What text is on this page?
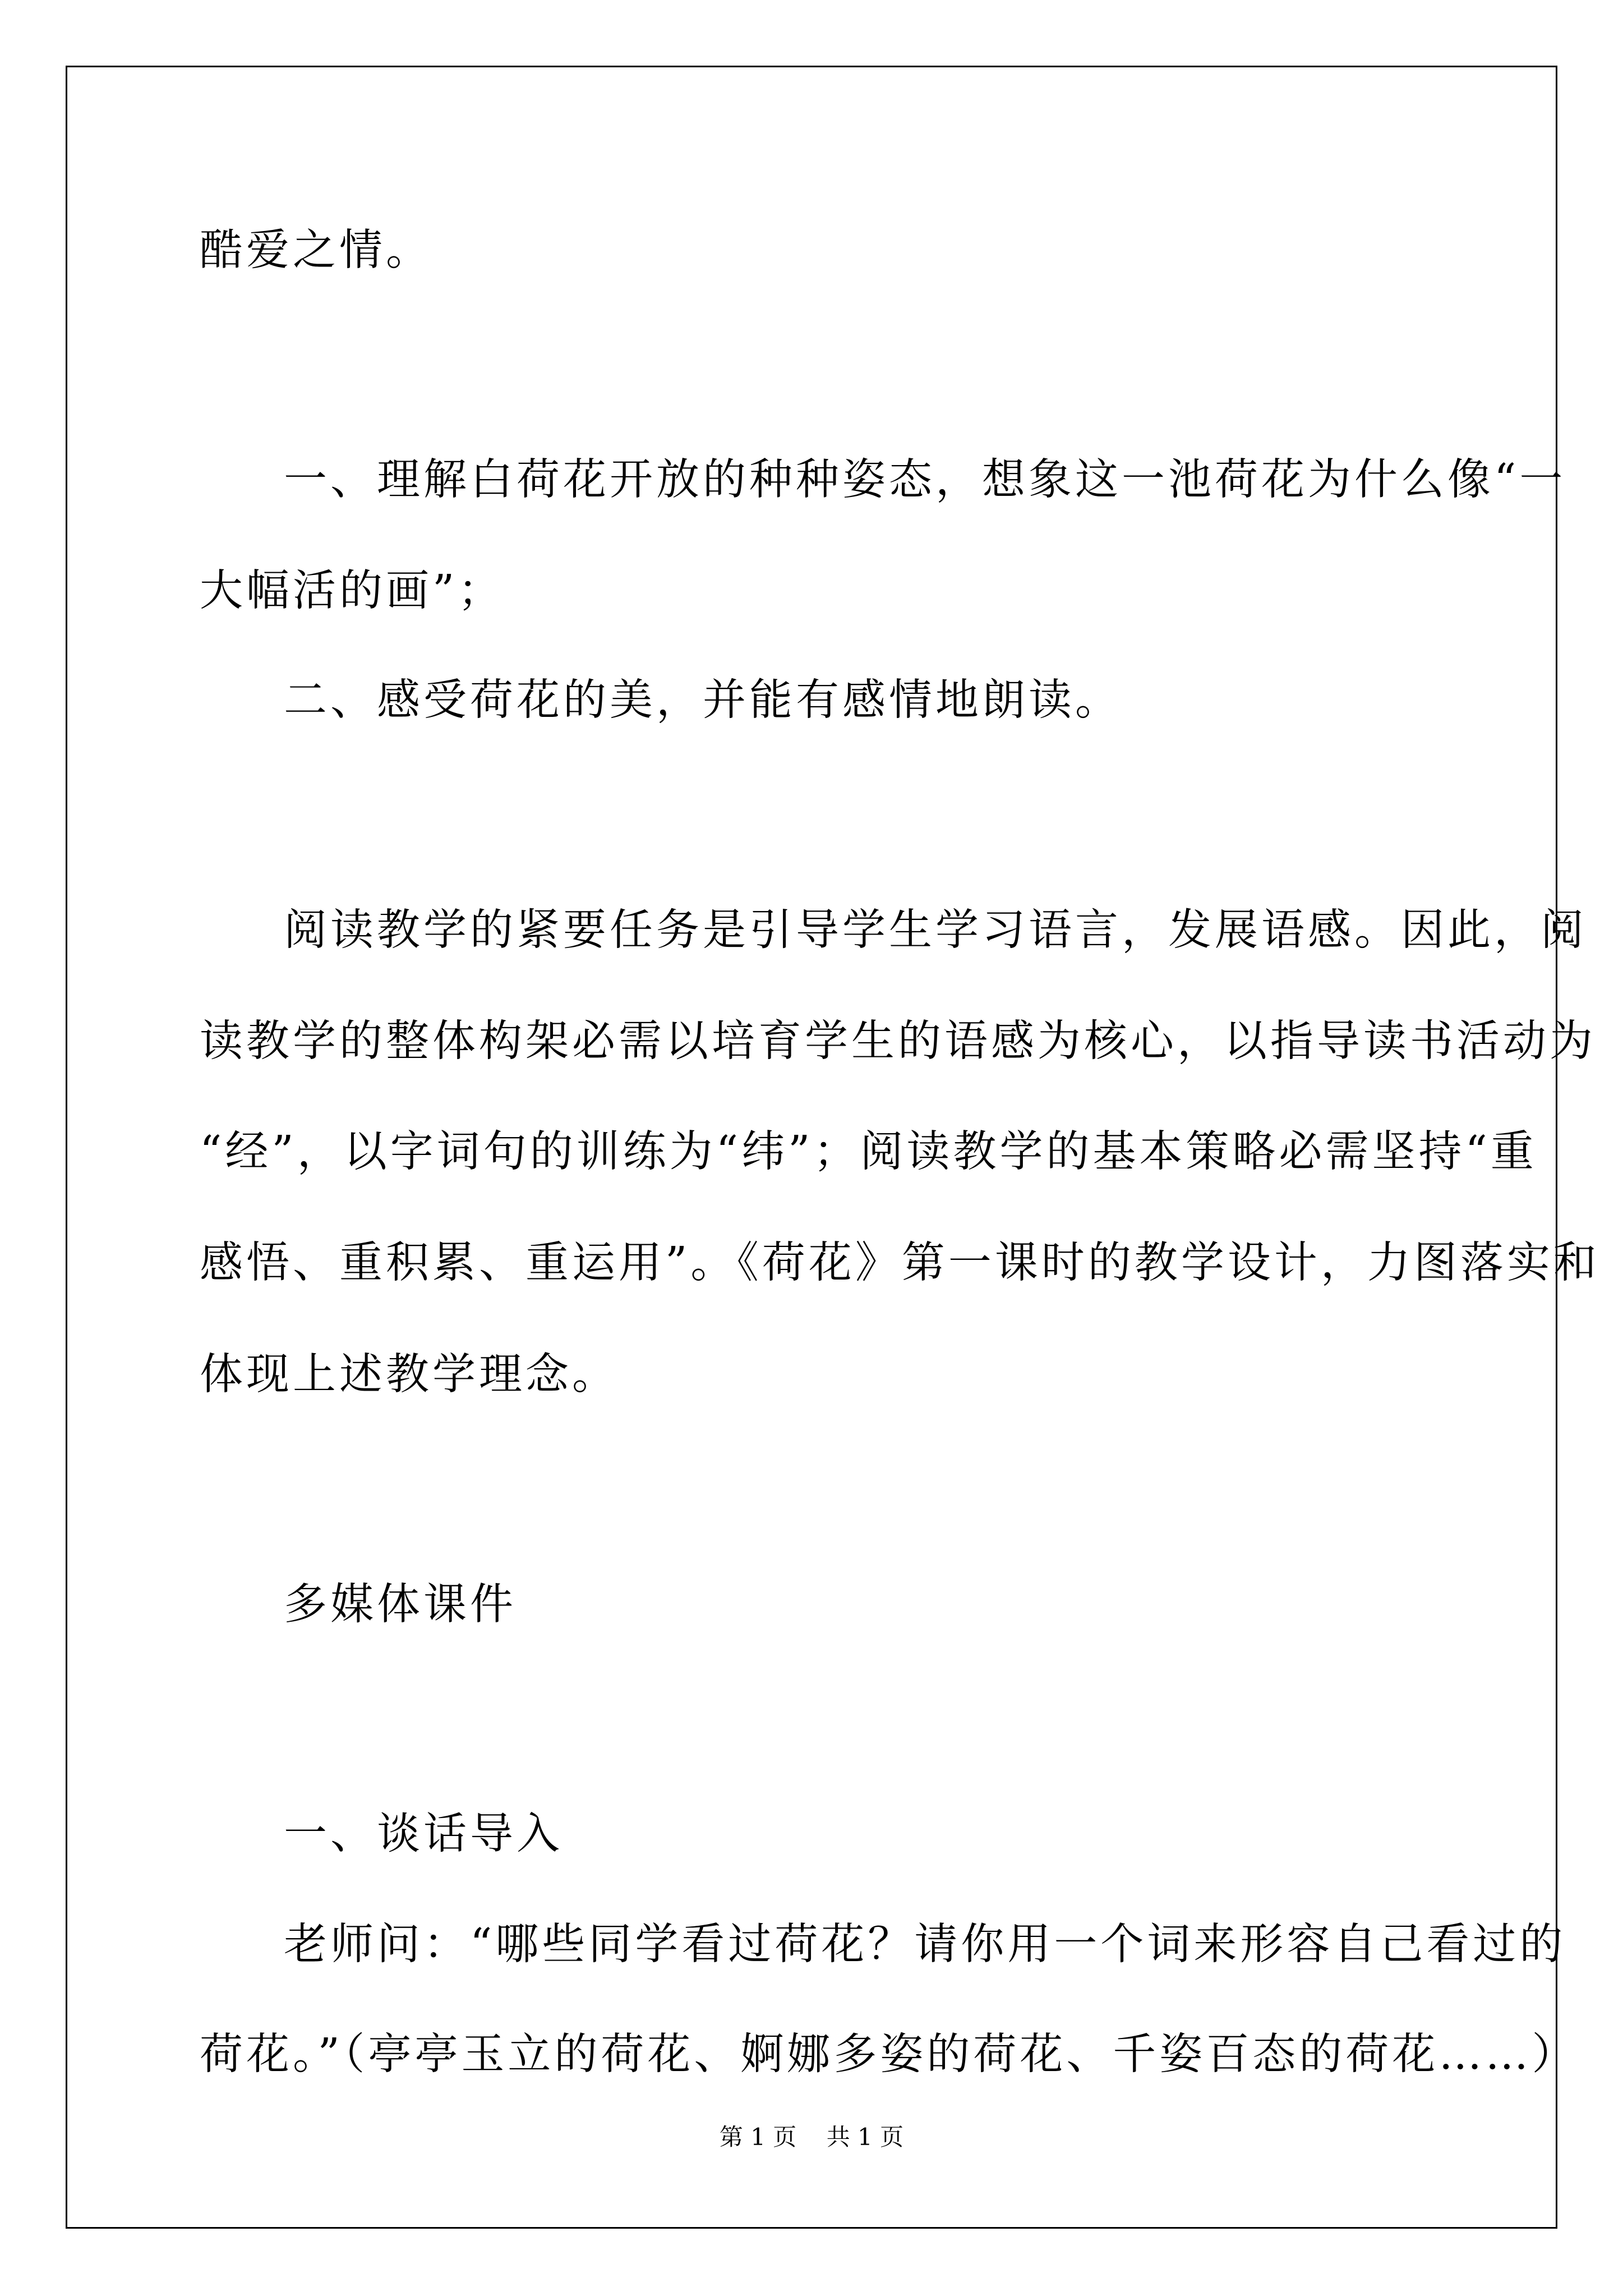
酷爱之情。

一、理解白荷花开放的种种姿态，想象这一池荷花为什么像“一

大幅活的画”；

二、感受荷花的美，并能有感情地朗读。

阅读教学的紧要任务是引导学生学习语言，发展语感。因此，阅

读教学的整体构架必需以培育学生的语感为核心，以指导读书活动为

“经”，以字词句的训练为“纬”；阅读教学的基本策略必需坚持“重

感悟、重积累、重运用”。《荷花》第一课时的教学设计，力图落实和

体现上述教学理念。

多媒体课件

一、谈话导入

老师问：“哪些同学看过荷花？请你用一个词来形容自己看过的

荷花。”（亭亭玉立的荷花、婀娜多姿的荷花、千姿百态的荷花……）

第 1 页    共 1 页
